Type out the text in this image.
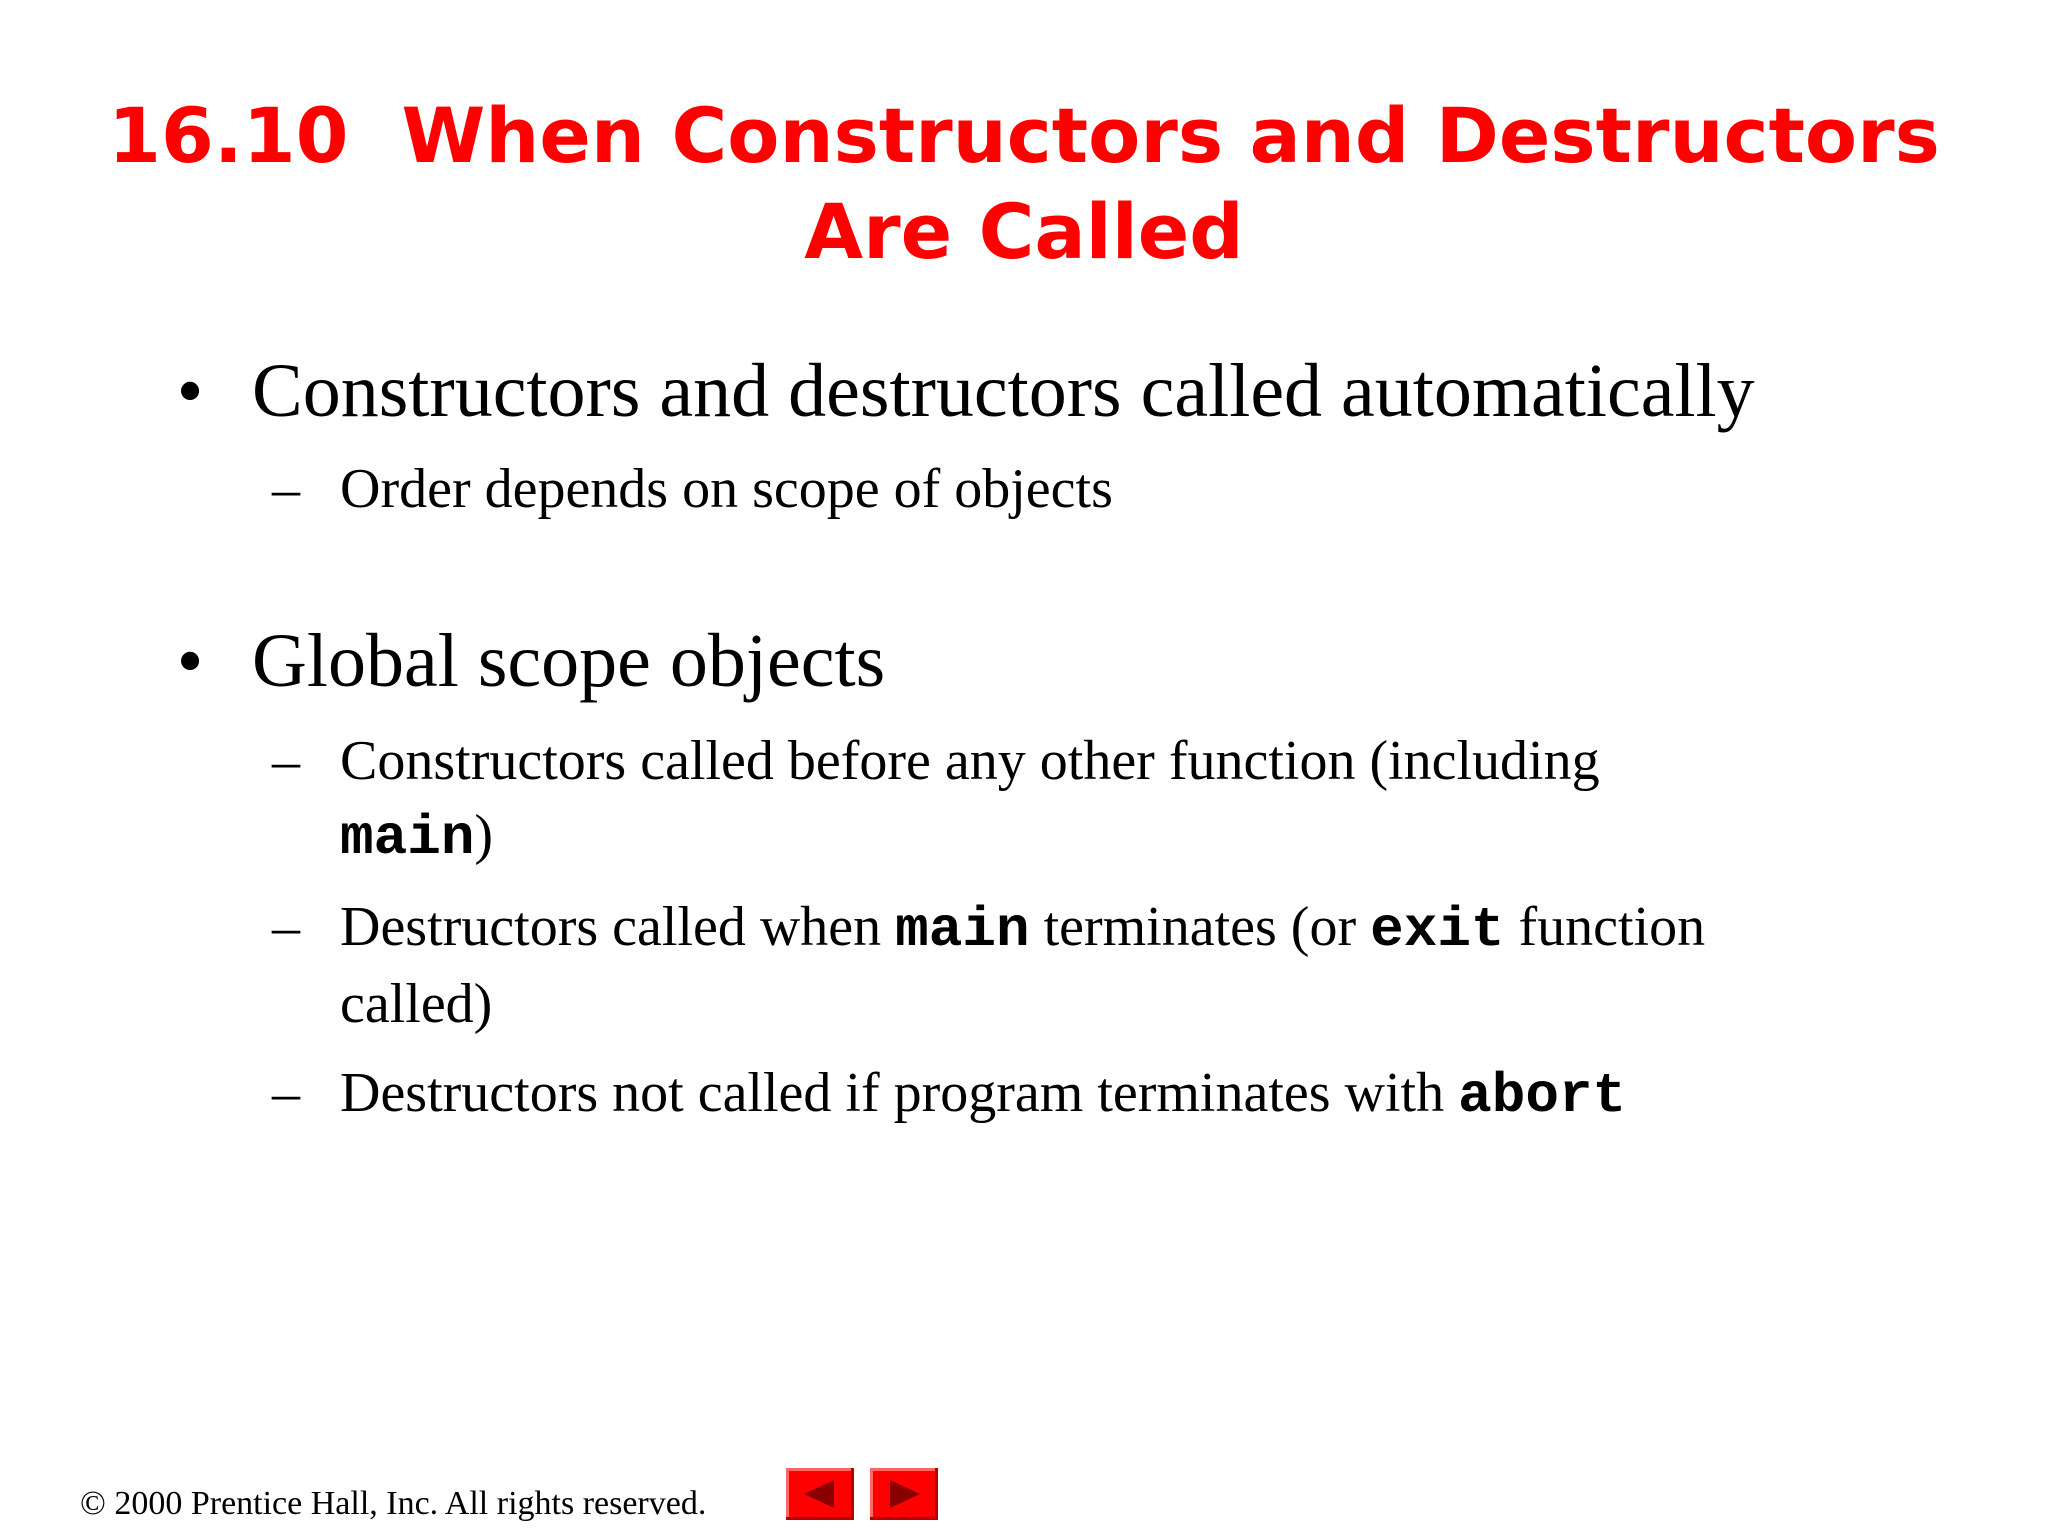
16.10  When Constructors and Destructors
Are Called
• Constructors and destructors called automatically
– Order depends on scope of objects
• Global scope objects
– Constructors called before any other function (including
main)
– Destructors called when main terminates (or exit function
called)
– Destructors not called if program terminates with abort
© 2000 Prentice Hall, Inc. All rights reserved.
